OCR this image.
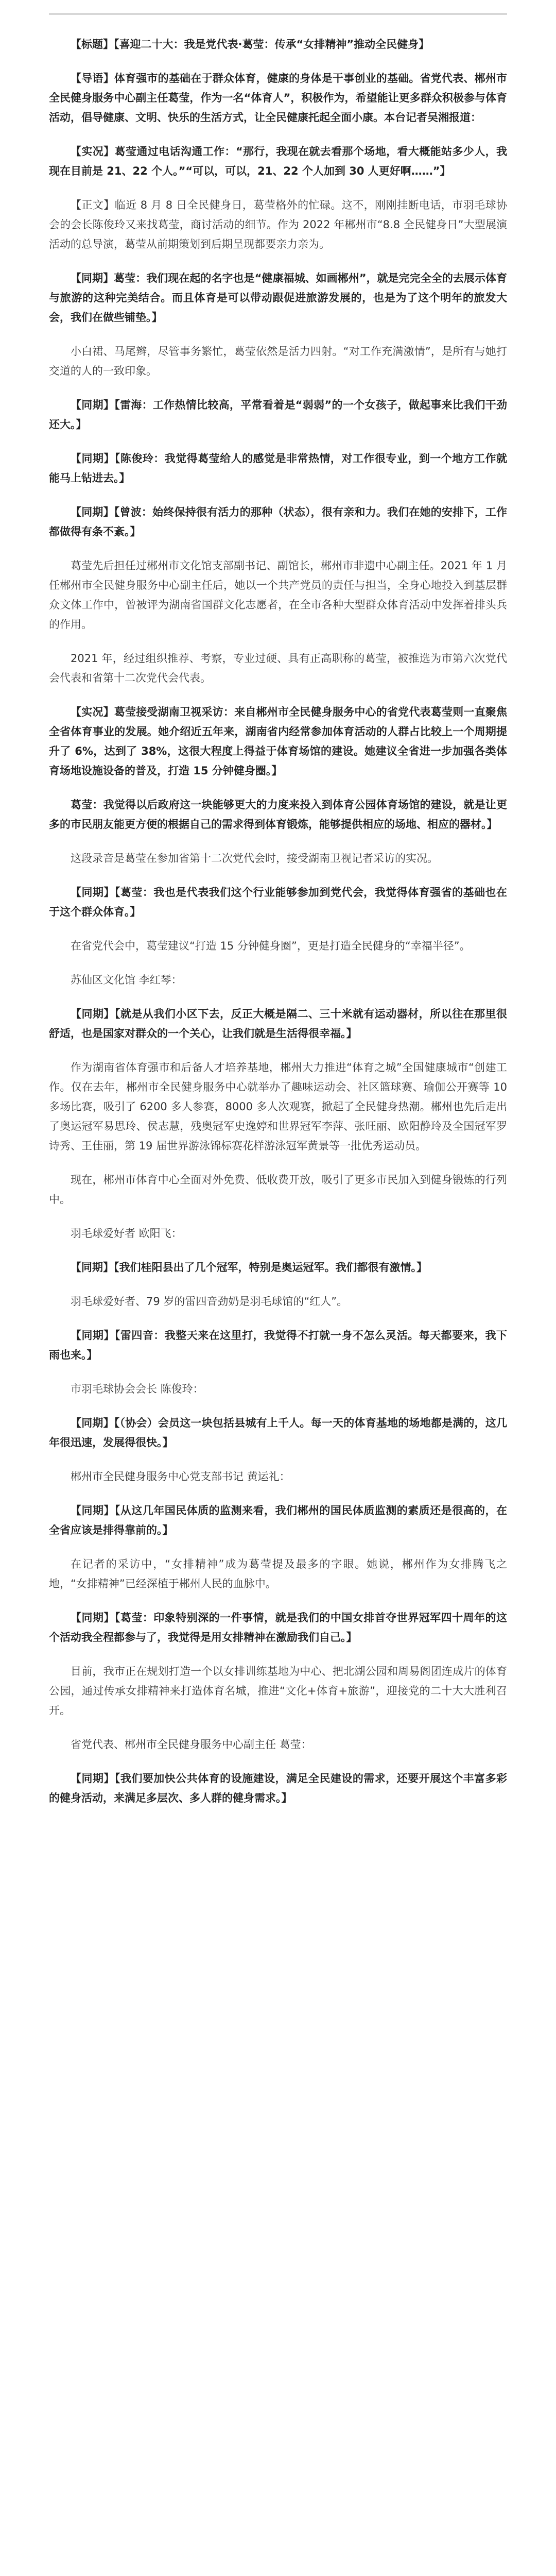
【标题】【喜迎二十大：我是党代表·葛莹：传承“女排精神”推动全民健身】

【导语】体育强市的基础在于群众体育，健康的身体是干事创业的基础。省党代表、郴州市全民健身服务中心副主任葛莹，作为一名“体育人”，积极作为，希望能让更多群众积极参与体育活动，倡导健康、文明、快乐的生活方式，让全民健康托起全面小康。本台记者吴湘报道：

【实况】葛莹通过电话沟通工作：“那行，我现在就去看那个场地，看大概能站多少人，我现在目前是 21、22 个人。”“可以，可以，21、22 个人加到 30 人更好啊……”】

【正文】临近 8 月 8 日全民健身日，葛莹格外的忙碌。这不，刚刚挂断电话，市羽毛球协会的会长陈俊玲又来找葛莹，商讨活动的细节。作为 2022 年郴州市“8.8 全民健身日”大型展演活动的总导演，葛莹从前期策划到后期呈现都要亲力亲为。

【同期】葛莹：我们现在起的名字也是“健康福城、如画郴州”，就是完完全全的去展示体育与旅游的这种完美结合。而且体育是可以带动跟促进旅游发展的，也是为了这个明年的旅发大会，我们在做些铺垫。】

小白裙、马尾辫，尽管事务繁忙，葛莹依然是活力四射。“对工作充满激情”，是所有与她打交道的人的一致印象。

【同期】【雷海：工作热情比较高，平常看着是“弱弱”的一个女孩子，做起事来比我们干劲还大。】

【同期】【陈俊玲：我觉得葛莹给人的感觉是非常热情，对工作很专业，到一个地方工作就能马上钻进去。】

【同期】【曾波：始终保持很有活力的那种（状态），很有亲和力。我们在她的安排下，工作都做得有条不紊。】

葛莹先后担任过郴州市文化馆支部副书记、副馆长，郴州市非遗中心副主任。2021 年 1 月任郴州市全民健身服务中心副主任后，她以一个共产党员的责任与担当，全身心地投入到基层群众文体工作中，曾被评为湖南省国群文化志愿者，在全市各种大型群众体育活动中发挥着排头兵的作用。

2021 年，经过组织推荐、考察，专业过硬、具有正高职称的葛莹，被推选为市第六次党代会代表和省第十二次党代会代表。

【实况】葛莹接受湖南卫视采访：来自郴州市全民健身服务中心的省党代表葛莹则一直聚焦全省体育事业的发展。她介绍近五年来，湖南省内经常参加体育活动的人群占比较上一个周期提升了 6%，达到了 38%，这很大程度上得益于体育场馆的建设。她建议全省进一步加强各类体育场地设施设备的普及，打造 15 分钟健身圈。】

葛莹：我觉得以后政府这一块能够更大的力度来投入到体育公园体育场馆的建设，就是让更多的市民朋友能更方便的根据自己的需求得到体育锻炼，能够提供相应的场地、相应的器材。】

这段录音是葛莹在参加省第十二次党代会时，接受湖南卫视记者采访的实况。

【同期】【葛莹：我也是代表我们这个行业能够参加到党代会，我觉得体育强省的基础也在于这个群众体育。】

在省党代会中，葛莹建议“打造 15 分钟健身圈”，更是打造全民健身的“幸福半径”。

苏仙区文化馆 李红琴：

【同期】【就是从我们小区下去，反正大概是隔二、三十米就有运动器材，所以往在那里很舒适，也是国家对群众的一个关心，让我们就是生活得很幸福。】

作为湖南省体育强市和后备人才培养基地，郴州大力推进“体育之城”全国健康城市“创建工作。仅在去年，郴州市全民健身服务中心就举办了趣味运动会、社区篮球赛、瑜伽公开赛等 10 多场比赛，吸引了 6200 多人参赛，8000 多人次观赛，掀起了全民健身热潮。郴州也先后走出了奥运冠军易思玲、侯志慧，残奥冠军史逸婷和世界冠军李萍、张旺丽、欧阳静玲及全国冠军罗诗秀、王佳丽，第 19 届世界游泳锦标赛花样游泳冠军黄景等一批优秀运动员。

现在，郴州市体育中心全面对外免费、低收费开放，吸引了更多市民加入到健身锻炼的行列中。

羽毛球爱好者 欧阳飞：

【同期】【我们桂阳县出了几个冠军，特别是奥运冠军。我们都很有激情。】

羽毛球爱好者、79 岁的雷四音劲奶是羽毛球馆的“红人”。

【同期】【雷四音：我整天来在这里打，我觉得不打就一身不怎么灵活。每天都要来，我下雨也来。】

市羽毛球协会会长 陈俊玲：

【同期】【（协会）会员这一块包括县城有上千人。每一天的体育基地的场地都是满的，这几年很迅速，发展得很快。】

郴州市全民健身服务中心党支部书记 黄运礼：

【同期】【从这几年国民体质的监测来看，我们郴州的国民体质监测的素质还是很高的，在全省应该是排得靠前的。】

在记者的采访中，“女排精神”成为葛莹提及最多的字眼。她说，郴州作为女排腾飞之地，“女排精神”已经深植于郴州人民的血脉中。

【同期】【葛莹：印象特别深的一件事情，就是我们的中国女排首夺世界冠军四十周年的这个活动我全程都参与了，我觉得是用女排精神在激励我们自己。】

目前，我市正在规划打造一个以女排训练基地为中心、把北湖公园和周易阁团连成片的体育公园，通过传承女排精神来打造体育名城，推进“文化+体育+旅游”，迎接党的二十大大胜利召开。

省党代表、郴州市全民健身服务中心副主任 葛莹：

【同期】【我们要加快公共体育的设施建设，满足全民建设的需求，还要开展这个丰富多彩的健身活动，来满足多层次、多人群的健身需求。】
